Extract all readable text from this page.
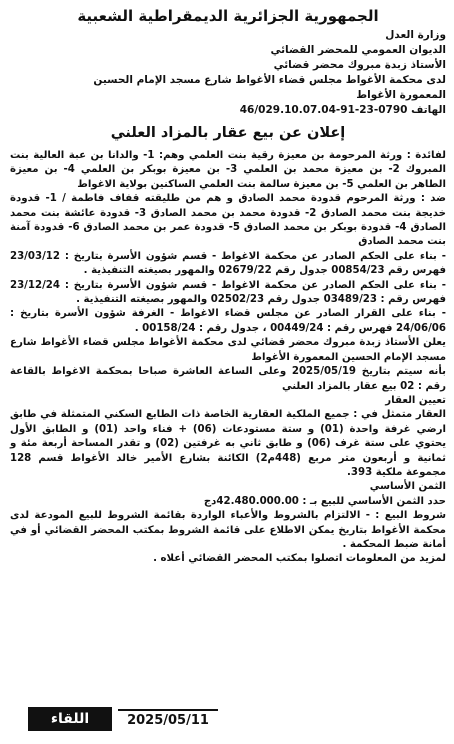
الجمهورية الجزائرية الديمقراطية الشعبية
وزارة العدل
الديوان العمومي للمحضر القضائي
الأستاذ زبدة مبروك محضر قضائي
لدى محكمة الأغواط مجلس قضاء الأغواط شارع مسجد الإمام الحسين
المعمورة الأغواط
الهاتف 0790-23-91-46/029.10.07.04
إعلان عن بيع عقار بالمزاد العلني

لفائدة : ورثة المرحومة بن معيزة رقية بنت العلمي وهم: 1- والدانا بن عبة العالية بنت المبروك 2- بن معيزة محمد بن العلمي 3- بن معيزة بوبكر بن العلمي 4- بن معيزة الطاهر بن العلمي 5- بن معيزة سالمة بنت العلمي الساكنين بولاية الاغواط

ضد : ورثة المرحوم قدودة محمد الصادق و هم من طليقته قفاف فاطمة / 1- قدودة خديجة بنت محمد الصادق 2- قدودة محمد بن محمد الصادق 3- قدودة عائشة بنت محمد الصادق 4- قدودة بوبكر بن محمد الصادق 5- قدودة عمر بن محمد الصادق 6- قدودة آمنة بنت محمد الصادق

- بناء على الحكم الصادر عن محكمة الاغواط - قسم شؤون الأسرة بتاريخ : 23/03/12 فهرس رقم 00854/23 جدول رقم 02679/22 والمهور بصيغته التنفيذية .

- بناء على الحكم الصادر عن محكمة الاغواط - قسم شؤون الأسرة بتاريخ : 23/12/24 فهرس رقم : 03489/23 جدول رقم 02502/23 والمهور بصيغته التنفيذية .

- بناء على القرار الصادر عن مجلس قضاء الاغواط - الغرفة شؤون الأسرة بتاريخ : 24/06/06 فهرس رقم : 00449/24 ، جدول رقم : 00158/24 .

يعلن الأستاذ زبدة مبروك محضر قضائي لدى محكمة الأغواط مجلس قضاء الأغواط شارع مسجد الإمام الحسين المعمورة الأغواط

بأنه سيتم بتاريخ 2025/05/19 وعلى الساعة العاشرة صباحا بمحكمة الاغواط بالقاعة رقم : 02 بيع عقار بالمزاد العلني

تعيين العقار

العقار متمثل في : جميع الملكية العقارية الخاصة ذات الطابع السكني المتمثلة في طابق ارضي غرفة واحدة (01) و ستة مستودعات (06) + فناء واحد (01) و الطابق الأول يحتوي على ستة غرف (06) و طابق ثاني به غرفتين (02) و تقدر المساحة أربعة مئة و ثمانية و أربعون متر مربع (448م2) الكائنة بشارع الأمير خالد الأغواط قسم 128 مجموعة ملكية 393.

الثمن الأساسي

حدد الثمن الأساسي للبيع بـ : 42.480.000.00دج

شروط البيع : - الالتزام بالشروط والأعباء الواردة بقائمة الشروط للبيع المودعة لدى محكمة الأغواط بتاريخ يمكن الاطلاع على قائمة الشروط بمكتب المحضر القضائي أو في أمانة ضبط المحكمة .

لمزيد من المعلومات اتصلوا بمكتب المحضر القضائي أعلاه .

اللقاء	2025/05/11
